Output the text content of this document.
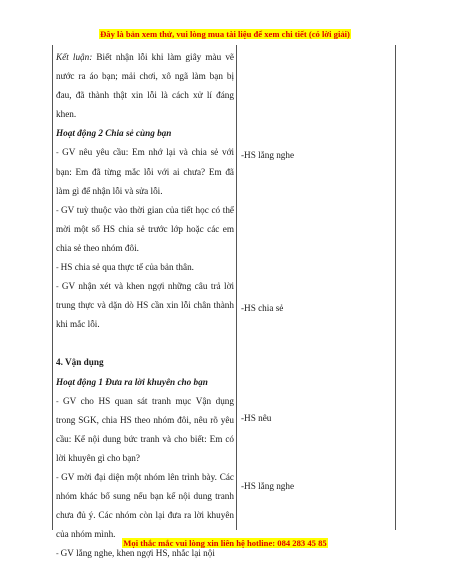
Đây là bản xem thử, vui lòng mua tài liệu để xem chi tiết (có lời giải)
Kết luận: Biết nhận lỗi khi làm giây màu vẽ nước ra áo bạn; mải chơi, xô ngã làm bạn bị đau, đã thành thật xin lỗi là cách xử lí đáng khen.
Hoạt động 2 Chia sẻ cùng bạn
- GV nêu yêu cầu: Em nhớ lại và chia sẻ với bạn: Em đã từng mắc lỗi với ai chưa? Em đã làm gì để nhận lỗi và sửa lỗi.
- GV tuỳ thuộc vào thời gian của tiết học có thể mời một số HS chia sẻ trước lớp hoặc các em chia sẻ theo nhóm đôi.
- HS chia sẻ qua thực tế của bản thân.
- GV nhận xét và khen ngợi những câu trả lời trung thực và dặn dò HS cần xin lỗi chân thành khi mắc lỗi.
4. Vận dụng
Hoạt động 1 Đưa ra lời khuyên cho bạn
- GV cho HS quan sát tranh mục Vận dụng trong SGK, chia HS theo nhóm đôi, nêu rõ yêu cầu: Kể nội dung bức tranh và cho biết: Em có lời khuyên gì cho bạn?
- GV mời đại diện một nhóm lên trình bày. Các nhóm khác bổ sung nếu bạn kể nội dung tranh chưa đủ ý. Các nhóm còn lại đưa ra lời khuyên của nhóm mình.
- GV lắng nghe, khen ngợi HS, nhắc lại nội
-HS lắng nghe
-HS chia sẻ
-HS nêu
-HS lắng nghe
Mọi thắc mắc vui lòng xin liên hệ hotline: 084 283 45 85
